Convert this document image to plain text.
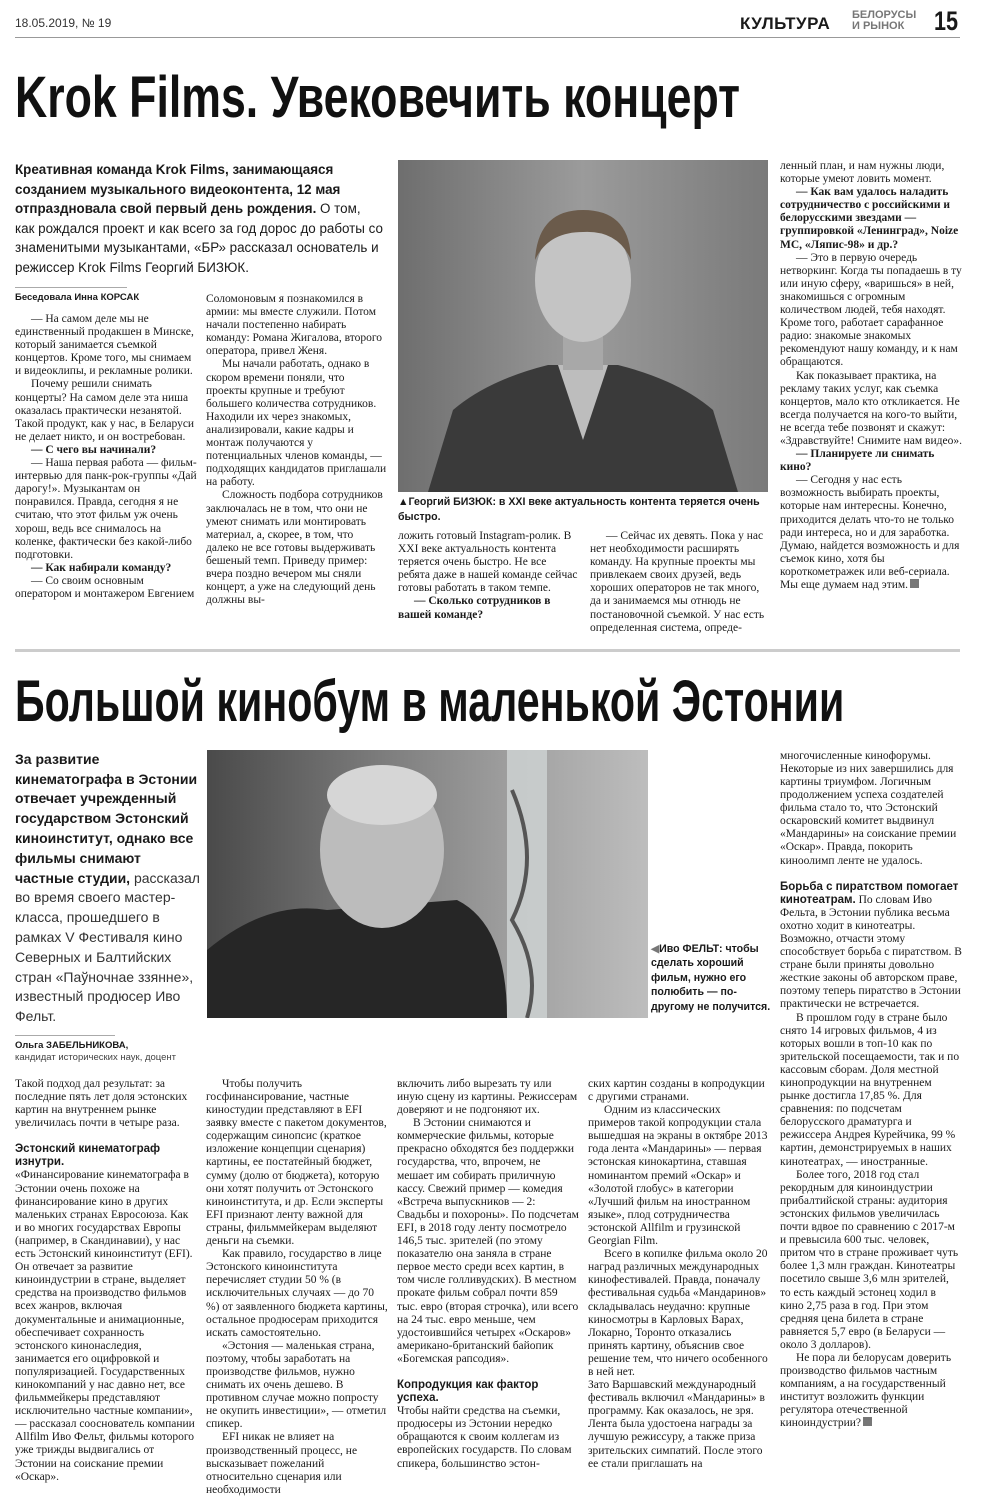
18.05.2019, № 19	КУЛЬТУРА БЕЛОРУСЫ
И РЫНОК	15
Krok Films. Увековечить концерт
Креативная команда Krok Films, занимающаяся созданием музыкального видеоконтента, 12 мая отпраздновала свой первый день рождения. О том, как рождался проект и как всего за год дорос до работы со знаменитыми музыкантами, «БР» рассказал основатель и режиссер Krok Films Георгий БИЗЮК.
Беседовала Инна КОРСАК

— На самом деле мы не единственный продакшен в Минске, который занимается съемкой концертов. Кроме того, мы снимаем и видеоклипы, и рекламные ролики.

Почему решили снимать концерты? На самом деле эта ниша оказалась практически незанятой. Такой продукт, как у нас, в Беларуси не делает никто, и он востребован.

— С чего вы начинали?

— Наша первая работа — фильм-интервью для панк-рок-группы «Дай дарогу!». Музыкантам он понравился. Правда, сегодня я не считаю, что этот фильм уж очень хорош, ведь все снималось на коленке, фактически без какой-либо подготовки.

— Как набирали команду?

— Со своим основным оператором и монтажером Евгением

Соломоновым я познакомился в армии: мы вместе служили. Потом начали постепенно набирать команду: Романа Жигалова, второго оператора, привел Женя.

Мы начали работать, однако в скором времени поняли, что проекты крупные и требуют большего количества сотрудников. Находили их через знакомых, анализировали, какие кадры и монтаж получаются у потенциальных членов команды, — подходящих кандидатов приглашали на работу.

Сложность подбора сотрудников заключалась не в том, что они не умеют снимать или монтировать материал, а, скорее, в том, что далеко не все готовы выдерживать бешеный темп. Приведу пример: вчера поздно вечером мы сняли концерт, а уже на следующий день должны вы-

▲Георгий БИЗЮК: в XXI веке актуальность контента теряется очень быстро.

ложить готовый Instagram-ролик. В XXI веке актуальность контента теряется очень быстро. Не все ребята даже в нашей команде сейчас готовы работать в таком темпе.

— Сколько сотрудников в вашей команде?

— Сейчас их девять. Пока у нас нет необходимости расширять команду. На крупные проекты мы привлекаем своих друзей, ведь хороших операторов не так много, да и занимаемся мы отнюдь не постановочной съемкой. У нас есть определенная система, опреде-

ленный план, и нам нужны люди, которые умеют ловить момент.

— Как вам удалось наладить сотрудничество с российскими и белорусскими звездами — группировкой «Ленинград», Noize MC, «Ляпис-98» и др.?

— Это в первую очередь нетворкинг. Когда ты попадаешь в ту или иную сферу, «варишься» в ней, знакомишься с огромным количеством людей, тебя находят. Кроме того, работает сарафанное радио: знакомые знакомых рекомендуют нашу команду, и к нам обращаются.

Как показывает практика, на рекламу таких услуг, как съемка концертов, мало кто откликается. Не всегда получается на кого-то выйти, не всегда тебе позвонят и скажут: «Здравствуйте! Снимите нам видео».

— Планируете ли снимать кино?

— Сегодня у нас есть возможность выбирать проекты, которые нам интересны. Конечно, приходится делать что-то не только ради интереса, но и для заработка. Думаю, найдется возможность и для съемок кино, хотя бы короткометражек или веб-сериала. Мы еще думаем над этим.

Большой кинобум в маленькой Эстонии
За развитие кинематографа в Эстонии отвечает учрежденный государством Эстонский киноинститут, однако все фильмы снимают частные студии, рассказал во время своего мастер-класса, прошедшего в рамках V Фестиваля кино Северных и Балтийских стран «Паўночнае ззянне», известный продюсер Иво Фельт.
Ольга ЗАБЕЛЬНИКОВА,
кандидат исторических наук, доцент
◀Иво ФЕЛЬТ: чтобы сделать хороший фильм, нужно его полюбить — по-другому не получится.

Такой подход дал результат: за последние пять лет доля эстонских картин на внутреннем рынке увеличилась почти в четыре раза.

Эстонский кинематограф изнутри.

«Финансирование кинематографа в Эстонии очень похоже на финансирование кино в других маленьких странах Евросоюза. Как и во многих государствах Европы (например, в Скандинавии), у нас есть Эстонский киноинститут (EFI). Он отвечает за развитие киноиндустрии в стране, выделяет средства на производство фильмов всех жанров, включая документальные и анимационные, обеспечивает сохранность эстонского кинонаследия, занимается его оцифровкой и популяризацией. Государственных кинокомпаний у нас давно нет, все фильммейкеры представляют исключительно частные компании», — рассказал сооснователь компании Allfilm Иво Фельт, фильмы которого уже трижды выдвигались от Эстонии на соискание премии «Оскар».

Чтобы получить госфинансирование, частные киностудии представляют в EFI заявку вместе с пакетом документов, содержащим синопсис (краткое изложение концепции сценария) картины, ее постатейный бюджет, сумму (долю от бюджета), которую они хотят получить от Эстонского киноинститута, и др. Если эксперты EFI признают ленту важной для страны, фильммейкерам выделяют деньги на съемки.

Как правило, государство в лице Эстонского киноинститута перечисляет студии 50 % (в исключительных случаях — до 70 %) от заявленного бюджета картины, остальное продюсерам приходится искать самостоятельно.

«Эстония — маленькая страна, поэтому, чтобы заработать на производстве фильмов, нужно снимать их очень дешево. В противном случае можно попросту не окупить инвестиции», — отметил спикер.

EFI никак не влияет на производственный процесс, не высказывает пожеланий относительно сценария или необходимости

включить либо вырезать ту или иную сцену из картины. Режиссерам доверяют и не подгоняют их.

В Эстонии снимаются и коммерческие фильмы, которые прекрасно обходятся без поддержки государства, что, впрочем, не мешает им собирать приличную кассу. Свежий пример — комедия «Встреча выпускников — 2: Свадьбы и похороны». По подсчетам EFI, в 2018 году ленту посмотрело 146,5 тыс. зрителей (по этому показателю она заняла в стране первое место среди всех картин, в том числе голливудских). В местном прокате фильм собрал почти 859 тыс. евро (вторая строчка), или всего на 24 тыс. евро меньше, чем удостоившийся четырех «Оскаров» американо-британский байопик «Богемская рапсодия».

Копродукция как фактор успеха.

Чтобы найти средства на съемки, продюсеры из Эстонии нередко обращаются к своим коллегам из европейских государств. По словам спикера, большинство эстон-

ских картин созданы в копродукции с другими странами.

Одним из классических примеров такой копродукции стала вышедшая на экраны в октябре 2013 года лента «Мандарины» — первая эстонская кинокартина, ставшая номинантом премий «Оскар» и «Золотой глобус» в категории «Лучший фильм на иностранном языке», плод сотрудничества эстонской Allfilm и грузинской Georgian Film.

Всего в копилке фильма около 20 наград различных международных кинофестивалей. Правда, поначалу фестивальная судьба «Мандаринов» складывалась неудачно: крупные киносмотры в Карловых Варах, Локарно, Торонто отказались принять картину, объяснив свое решение тем, что ничего особенного в ней нет.

Зато Варшавский международный фестиваль включил «Мандарины» в программу. Как оказалось, не зря. Лента была удостоена награды за лучшую режиссуру, а также приза зрительских симпатий. После этого ее стали приглашать на

многочисленные кинофорумы. Некоторые из них завершились для картины триумфом. Логичным продолжением успеха создателей фильма стало то, что Эстонский оскаровский комитет выдвинул «Мандарины» на соискание премии «Оскар». Правда, покорить киноолимп ленте не удалось.

Борьба с пиратством помогает кинотеатрам. По словам Иво Фельта, в Эстонии публика весьма охотно ходит в кинотеатры. Возможно, отчасти этому способствует борьба с пиратством. В стране были приняты довольно жесткие законы об авторском праве, поэтому теперь пиратство в Эстонии практически не встречается.

В прошлом году в стране было снято 14 игровых фильмов, 4 из которых вошли в топ-10 как по зрительской посещаемости, так и по кассовым сборам. Доля местной кинопродукции на внутреннем рынке достигла 17,85 %. Для сравнения: по подсчетам белорусского драматурга и режиссера Андрея Курейчика, 99 % картин, демонстрируемых в наших кинотеатрах, — иностранные.

Более того, 2018 год стал рекордным для киноиндустрии прибалтийской страны: аудитория эстонских фильмов увеличилась почти вдвое по сравнению с 2017-м и превысила 600 тыс. человек, притом что в стране проживает чуть более 1,3 млн граждан. Кинотеатры посетило свыше 3,6 млн зрителей, то есть каждый эстонец ходил в кино 2,75 раза в год. При этом средняя цена билета в стране равняется 5,7 евро (в Беларуси — около 3 долларов).

Не пора ли белорусам доверить производство фильмов частным компаниям, а на государственный институт возложить функции регулятора отечественной киноиндустрии?
